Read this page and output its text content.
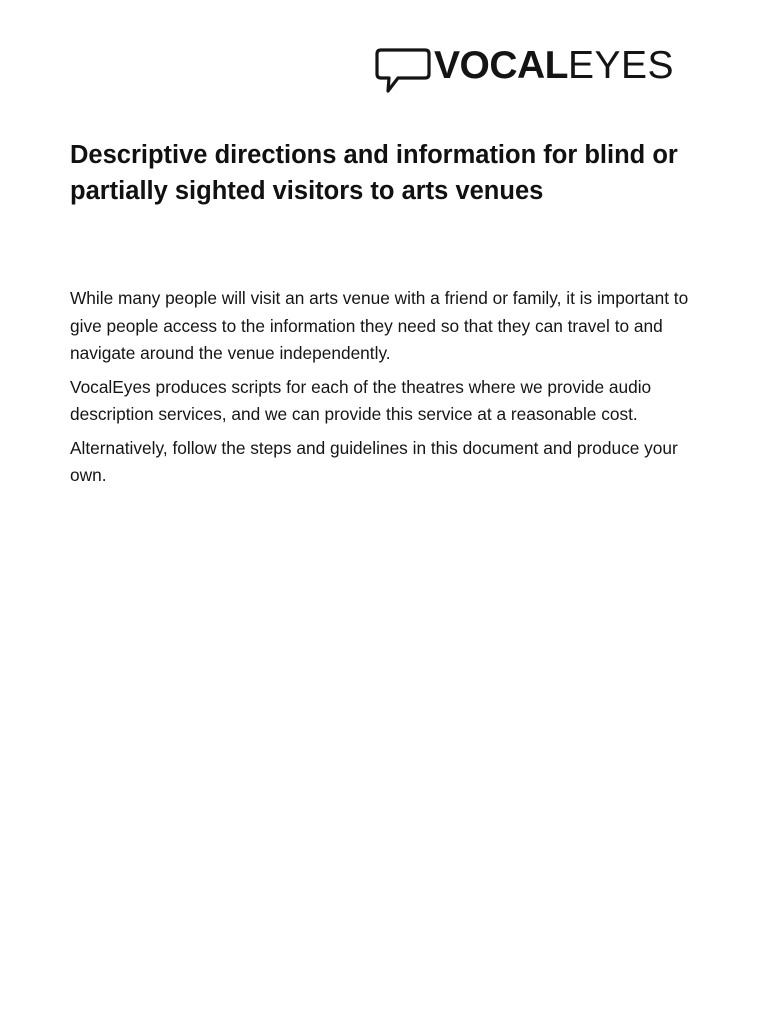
VOCALEYES
Descriptive directions and information for blind or partially sighted visitors to arts venues

While many people will visit an arts venue with a friend or family, it is important to give people access to the information they need so that they can travel to and navigate around the venue independently.

VocalEyes produces scripts for each of the theatres where we provide audio description services, and we can provide this service at a reasonable cost.

Alternatively, follow the steps and guidelines in this document and produce your own.
